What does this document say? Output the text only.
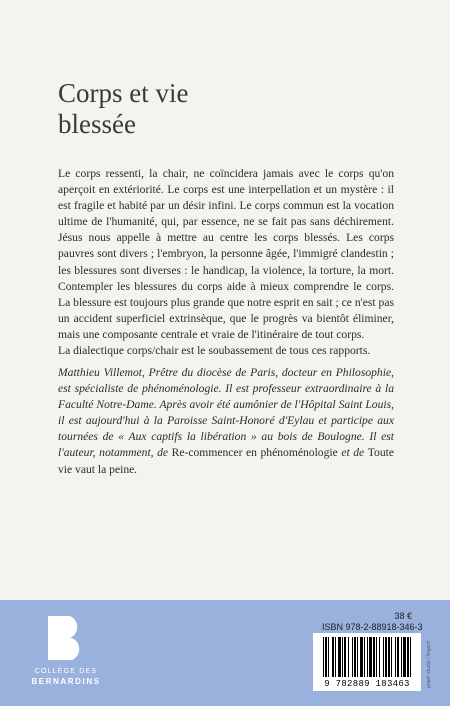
Corps et vie
blessée

Le corps ressenti, la chair, ne coïncidera jamais avec le corps qu'on aperçoit en extériorité. Le corps est une interpellation et un mystère : il est fragile et habité par un désir infini. Le corps commun est la vocation ultime de l'humanité, qui, par essence, ne se fait pas sans déchirement. Jésus nous appelle à mettre au centre les corps blessés. Les corps pauvres sont divers ; l'embryon, la personne âgée, l'immigré clandestin ; les blessures sont diverses : le handicap, la violence, la torture, la mort. Contempler les blessures du corps aide à mieux comprendre le corps. La blessure est toujours plus grande que notre esprit en sait ; ce n'est pas un accident superficiel extrinsèque, que le progrès va bientôt éliminer, mais une composante centrale et vraie de l'itinéraire de tout corps.

La dialectique corps/chair est le soubassement de tous ces rapports.

Matthieu Villemot, Prêtre du diocèse de Paris, docteur en Philosophie, est spécialiste de phénoménologie. Il est professeur extraordinaire à la Faculté Notre-Dame. Après avoir été aumônier de l'Hôpital Saint Louis, il est aujourd'hui à la Paroisse Saint-Honoré d'Eylau et participe aux tournées de « Aux captifs la libération » au bois de Boulogne. Il est l'auteur, notamment, de Re-commencer en phénoménologie et de Toute vie vaut la peine.
COLLÈGE DES
BERNARDINS
38 €
ISBN 978-2-88918-346-3
9 782889 183463	graph studio / lingard
